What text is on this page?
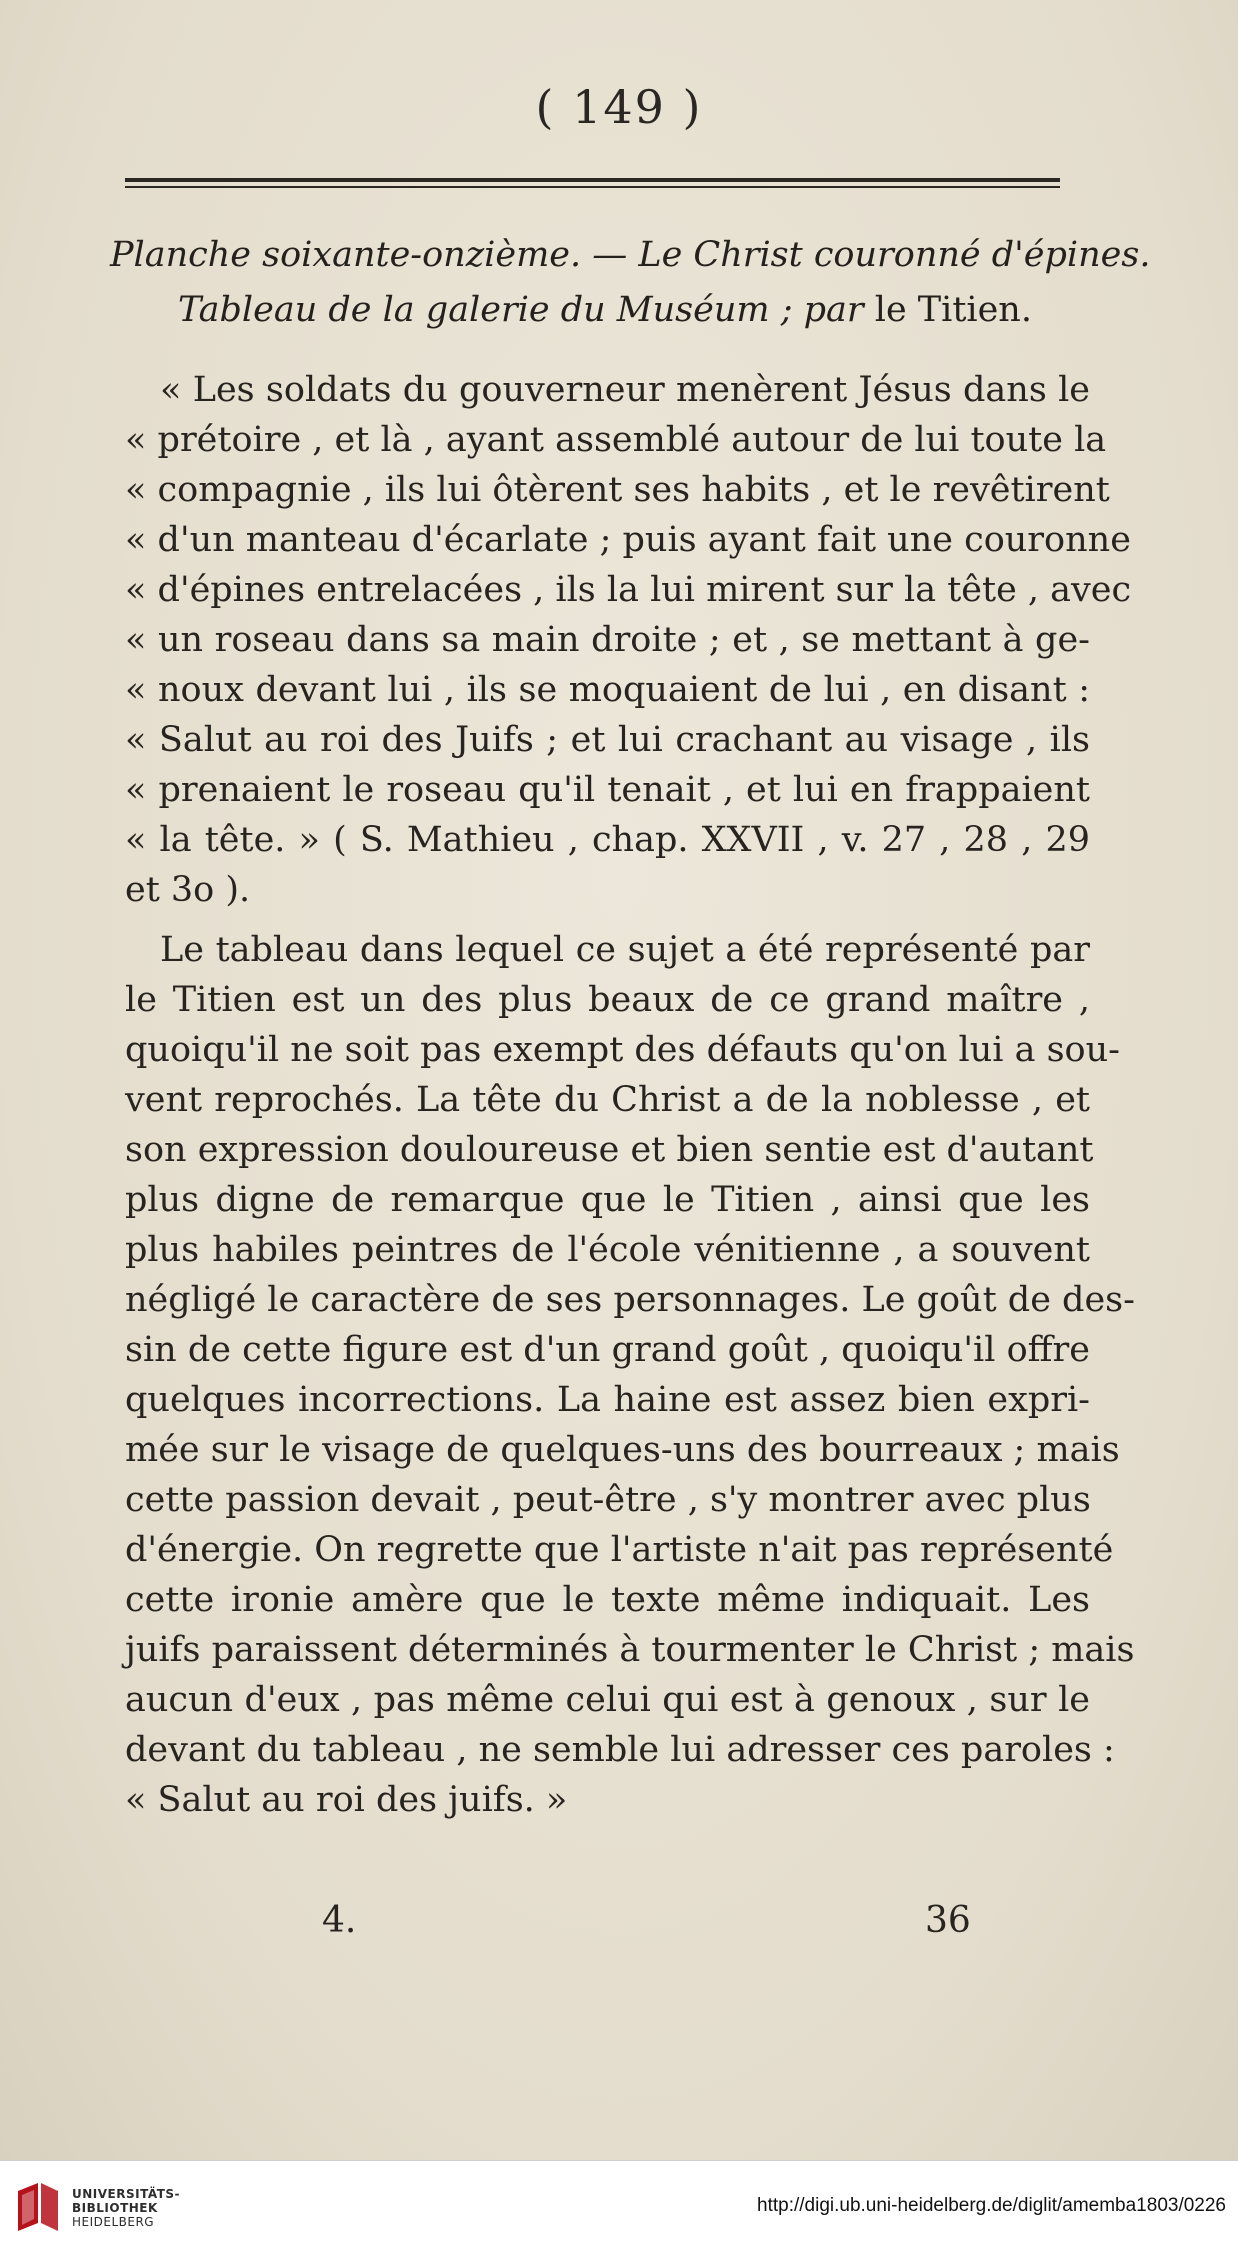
( 149 )
Planche soixante-onzième. — Le Christ couronné d'épines.
Tableau de la galerie du Muséum ; par le Titien.
« Les soldats du gouverneur menèrent Jésus dans le
« prétoire , et là , ayant assemblé autour de lui toute la
« compagnie , ils lui ôtèrent ses habits , et le revêtirent
« d'un manteau d'écarlate ; puis ayant fait une couronne
« d'épines entrelacées , ils la lui mirent sur la tête , avec
« un roseau dans sa main droite ; et , se mettant à ge-
« noux devant lui , ils se moquaient de lui , en disant :
« Salut au roi des Juifs ; et lui crachant au visage , ils
« prenaient le roseau qu'il tenait , et lui en frappaient
« la tête. » ( S. Mathieu , chap. XXVII , v. 27 , 28 , 29
et 3o ).
Le tableau dans lequel ce sujet a été représenté par
le Titien est un des plus beaux de ce grand maître ,
quoiqu'il ne soit pas exempt des défauts qu'on lui a sou-
vent reprochés. La tête du Christ a de la noblesse , et
son expression douloureuse et bien sentie est d'autant
plus digne de remarque que le Titien , ainsi que les
plus habiles peintres de l'école vénitienne , a souvent
négligé le caractère de ses personnages. Le goût de des-
sin de cette figure est d'un grand goût , quoiqu'il offre
quelques incorrections. La haine est assez bien expri-
mée sur le visage de quelques-uns des bourreaux ; mais
cette passion devait , peut-être , s'y montrer avec plus
d'énergie. On regrette que l'artiste n'ait pas représenté
cette ironie amère que le texte même indiquait. Les
juifs paraissent déterminés à tourmenter le Christ ; mais
aucun d'eux , pas même celui qui est à genoux , sur le
devant du tableau , ne semble lui adresser ces paroles :
« Salut au roi des juifs. »
4.	36
UNIVERSITÄTS-
BIBLIOTHEK
HEIDELBERG
http://digi.ub.uni-heidelberg.de/diglit/amemba1803/0226
